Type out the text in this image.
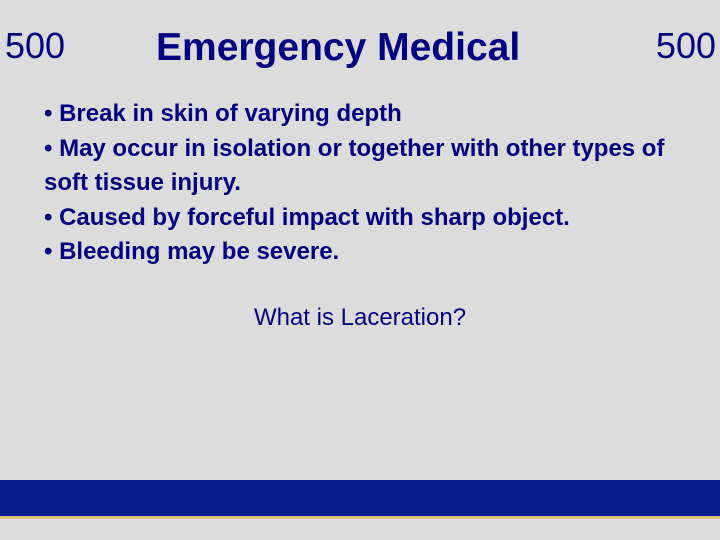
500 Emergency Medical	500
• Break in skin of varying depth
• May occur in isolation or together with other types of soft tissue injury.
• Caused by forceful impact with sharp object.
• Bleeding may be severe.
What is Laceration?
